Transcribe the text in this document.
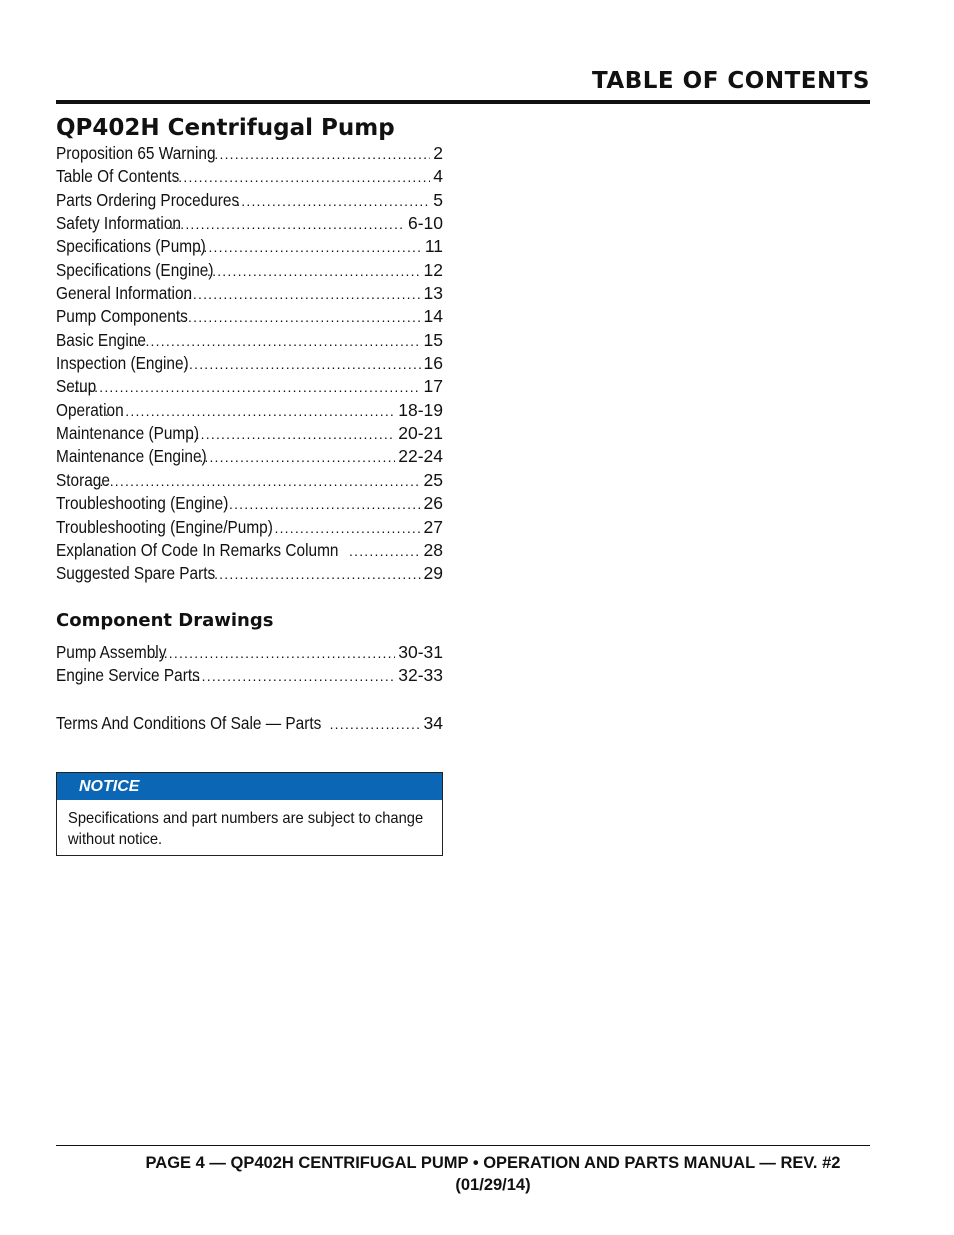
TABLE OF CONTENTS
QP402H Centrifugal Pump
Proposition 65 Warning .....	2
Table Of Contents .....	4
Parts Ordering Procedures .....	5
Safety Information .....	6-10
Specifications (Pump) .....	11
Specifications (Engine) .....	12
General Information .....	13
Pump Components .....	14
Basic Engine .....	15
Inspection (Engine) .....	16
Setup .....	17
Operation .....	18-19
Maintenance (Pump) .....	20-21
Maintenance (Engine) .....	22-24
Storage .....	25
Troubleshooting (Engine) .....	26
Troubleshooting (Engine/Pump) .....	27
Explanation Of Code In Remarks Column .....	28
Suggested Spare Parts .....	29
Component Drawings
Pump Assembly .....	30-31
Engine Service Parts .....	32-33
Terms And Conditions Of Sale — Parts .....	34
NOTICE
Specifications and part numbers are subject to change without notice.
PAGE 4 — QP402H CENTRIFUGAL PUMP • OPERATION AND PARTS MANUAL — REV. #2 (01/29/14)
